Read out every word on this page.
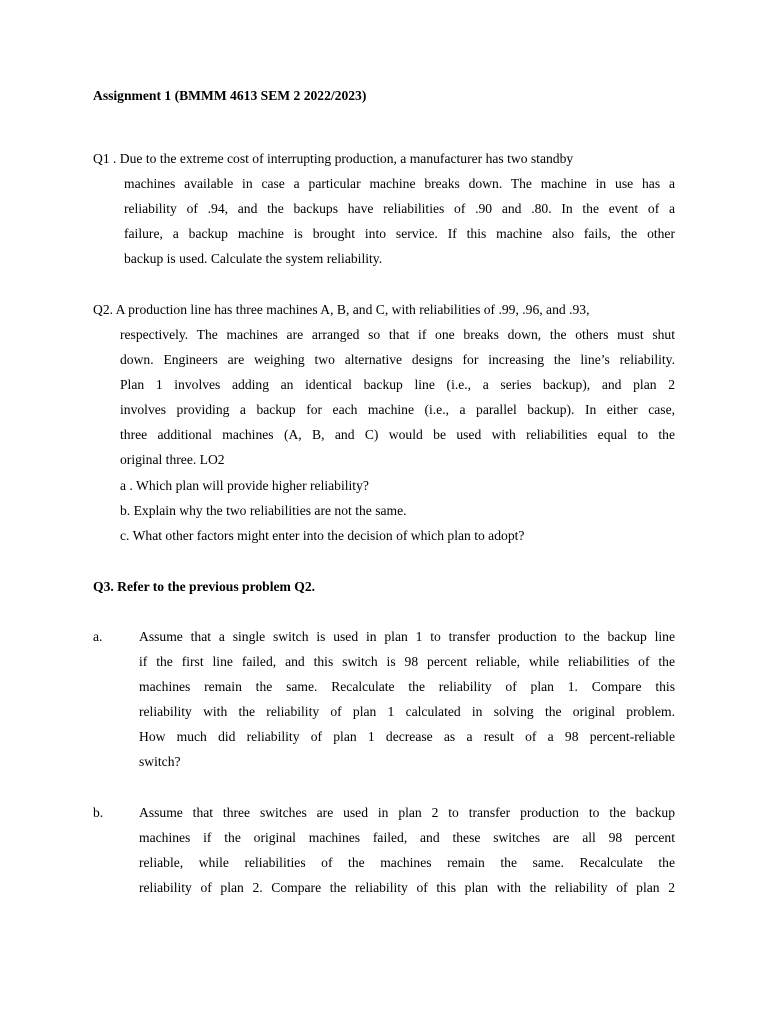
Assignment 1 (BMMM 4613 SEM 2 2022/2023)
Q1 . Due to the extreme cost of interrupting production, a manufacturer has two standby
machines available in case a particular machine breaks down. The machine in use has a
reliability of .94, and the backups have reliabilities of .90 and .80. In the event of a
failure, a backup machine is brought into service. If this machine also fails, the other
backup is used. Calculate the system reliability.
Q2. A production line has three machines A, B, and C, with reliabilities of .99, .96, and .93,
respectively. The machines are arranged so that if one breaks down, the others must shut
down. Engineers are weighing two alternative designs for increasing the line’s reliability.
Plan 1 involves adding an identical backup line (i.e., a series backup), and plan 2
involves providing a backup for each machine (i.e., a parallel backup). In either case,
three additional machines (A, B, and C) would be used with reliabilities equal to the
original three. LO2
a . Which plan will provide higher reliability?
b. Explain why the two reliabilities are not the same.
c. What other factors might enter into the decision of which plan to adopt?
Q3. Refer to the previous problem Q2.
a.	Assume that a single switch is used in plan 1 to transfer production to the backup line
if the first line failed, and this switch is 98 percent reliable, while reliabilities of the
machines remain the same. Recalculate the reliability of plan 1. Compare this
reliability with the reliability of plan 1 calculated in solving the original problem.
How much did reliability of plan 1 decrease as a result of a 98 percent-reliable
switch?
b.	Assume that three switches are used in plan 2 to transfer production to the backup
machines if the original machines failed, and these switches are all 98 percent
reliable, while reliabilities of the machines remain the same. Recalculate the
reliability of plan 2. Compare the reliability of this plan with the reliability of plan 2
